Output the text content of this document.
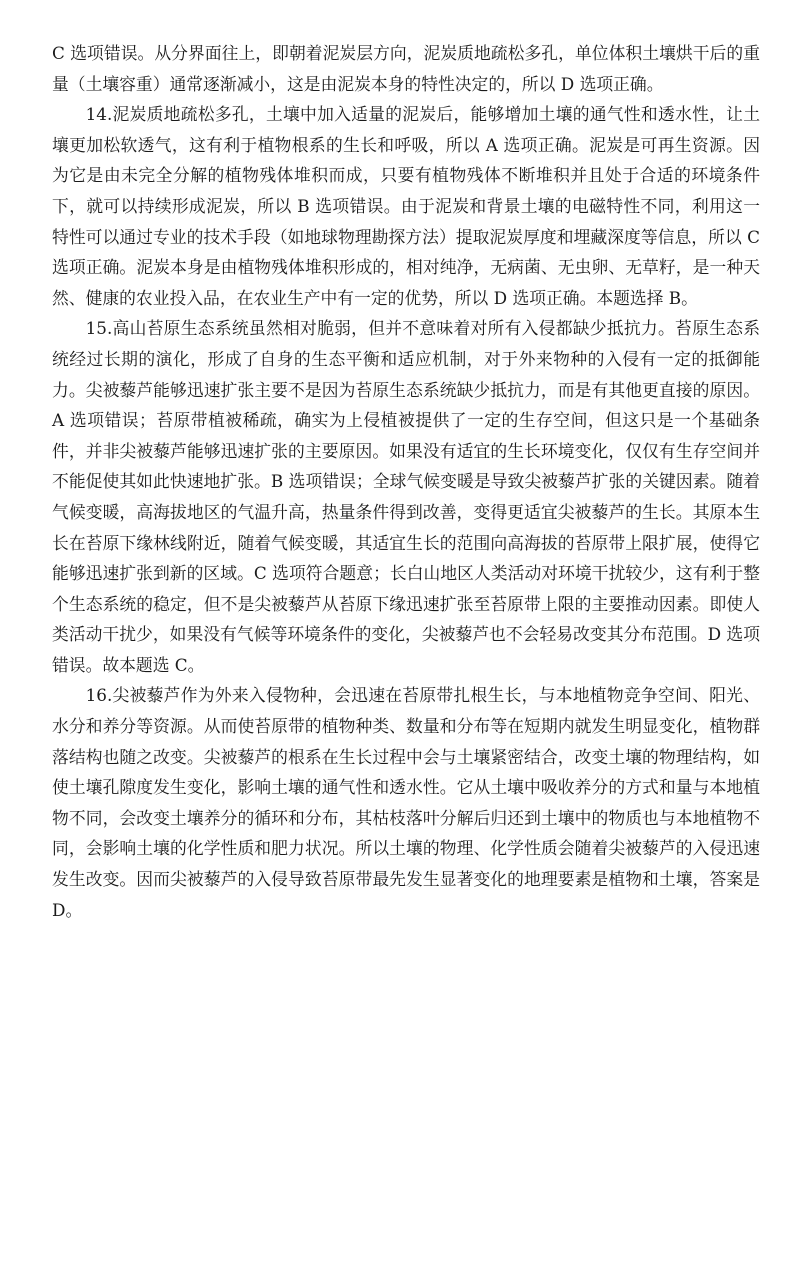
C 选项错误。从分界面往上，即朝着泥炭层方向，泥炭质地疏松多孔，单位体积土壤烘干后的重量（土壤容重）通常逐渐减小，这是由泥炭本身的特性决定的，所以 D 选项正确。

14.泥炭质地疏松多孔，土壤中加入适量的泥炭后，能够增加土壤的通气性和透水性，让土壤更加松软透气，这有利于植物根系的生长和呼吸，所以 A 选项正确。泥炭是可再生资源。因为它是由未完全分解的植物残体堆积而成，只要有植物残体不断堆积并且处于合适的环境条件下，就可以持续形成泥炭，所以 B 选项错误。由于泥炭和背景土壤的电磁特性不同，利用这一特性可以通过专业的技术手段（如地球物理勘探方法）提取泥炭厚度和埋藏深度等信息，所以 C 选项正确。泥炭本身是由植物残体堆积形成的，相对纯净，无病菌、无虫卵、无草籽，是一种天然、健康的农业投入品，在农业生产中有一定的优势，所以 D 选项正确。本题选择 B。

15.高山苔原生态系统虽然相对脆弱，但并不意味着对所有入侵都缺少抵抗力。苔原生态系统经过长期的演化，形成了自身的生态平衡和适应机制，对于外来物种的入侵有一定的抵御能力。尖被藜芦能够迅速扩张主要不是因为苔原生态系统缺少抵抗力，而是有其他更直接的原因。A 选项错误；苔原带植被稀疏，确实为上侵植被提供了一定的生存空间，但这只是一个基础条件，并非尖被藜芦能够迅速扩张的主要原因。如果没有适宜的生长环境变化，仅仅有生存空间并不能促使其如此快速地扩张。B 选项错误；全球气候变暖是导致尖被藜芦扩张的关键因素。随着气候变暖，高海拔地区的气温升高，热量条件得到改善，变得更适宜尖被藜芦的生长。其原本生长在苔原下缘林线附近，随着气候变暖，其适宜生长的范围向高海拔的苔原带上限扩展，使得它能够迅速扩张到新的区域。C 选项符合题意；长白山地区人类活动对环境干扰较少，这有利于整个生态系统的稳定，但不是尖被藜芦从苔原下缘迅速扩张至苔原带上限的主要推动因素。即使人类活动干扰少，如果没有气候等环境条件的变化，尖被藜芦也不会轻易改变其分布范围。D 选项错误。故本题选 C。

16.尖被藜芦作为外来入侵物种，会迅速在苔原带扎根生长，与本地植物竞争空间、阳光、水分和养分等资源。从而使苔原带的植物种类、数量和分布等在短期内就发生明显变化，植物群落结构也随之改变。尖被藜芦的根系在生长过程中会与土壤紧密结合，改变土壤的物理结构，如使土壤孔隙度发生变化，影响土壤的通气性和透水性。它从土壤中吸收养分的方式和量与本地植物不同，会改变土壤养分的循环和分布，其枯枝落叶分解后归还到土壤中的物质也与本地植物不同，会影响土壤的化学性质和肥力状况。所以土壤的物理、化学性质会随着尖被藜芦的入侵迅速发生改变。因而尖被藜芦的入侵导致苔原带最先发生显著变化的地理要素是植物和土壤，答案是 D。
